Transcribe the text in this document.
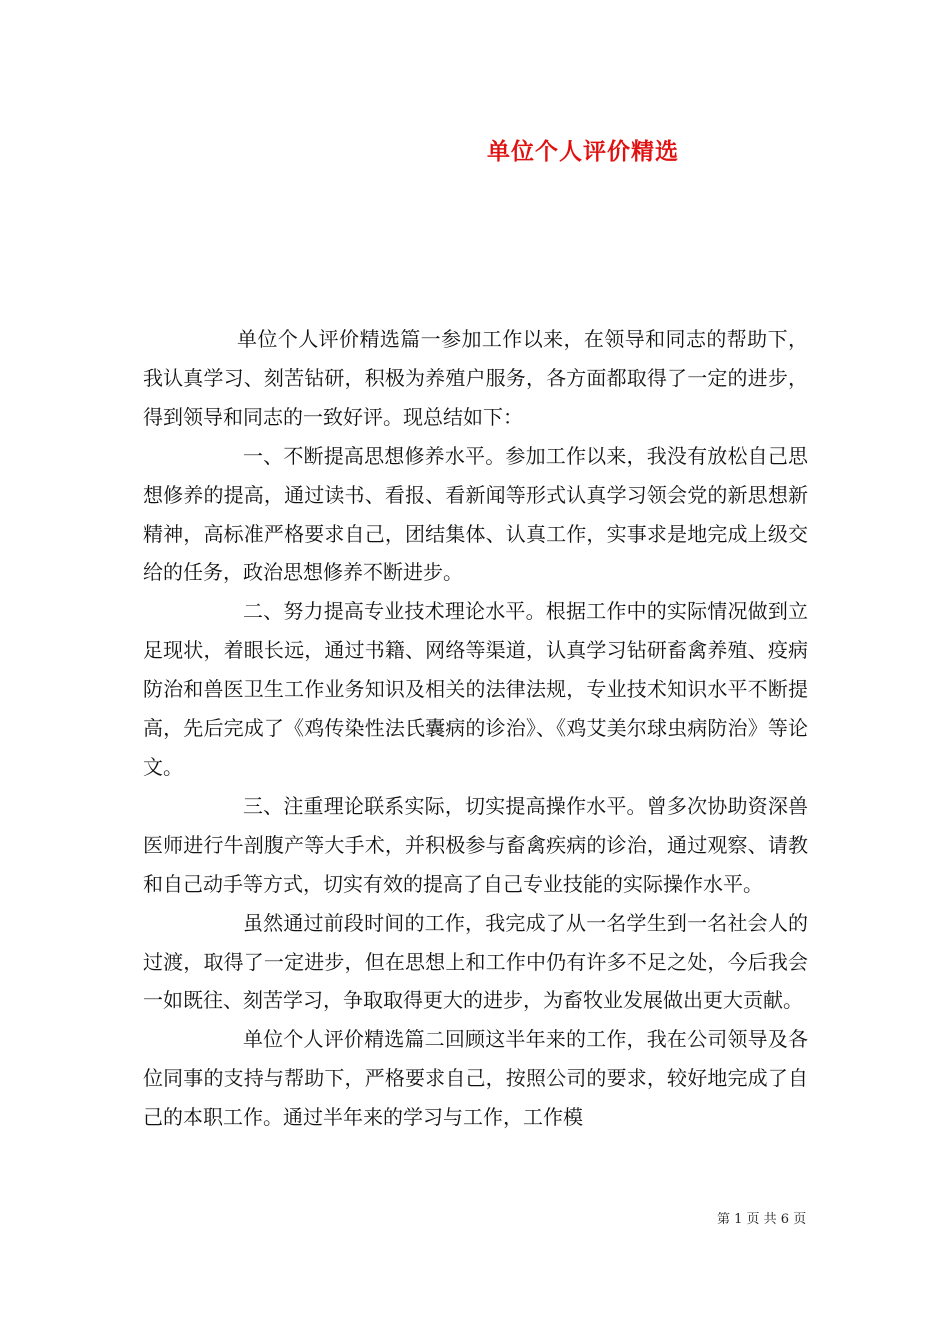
单位个人评价精选

单位个人评价精选篇一参加工作以来，在领导和同志的帮助下，我认真学习、刻苦钻研，积极为养殖户服务，各方面都取得了一定的进步，得到领导和同志的一致好评。现总结如下：

一、不断提高思想修养水平。参加工作以来，我没有放松自己思想修养的提高，通过读书、看报、看新闻等形式认真学习领会党的新思想新精神，高标准严格要求自己，团结集体、认真工作，实事求是地完成上级交给的任务，政治思想修养不断进步。

二、努力提高专业技术理论水平。根据工作中的实际情况做到立足现状，着眼长远，通过书籍、网络等渠道，认真学习钻研畜禽养殖、疫病防治和兽医卫生工作业务知识及相关的法律法规，专业技术知识水平不断提高，先后完成了《鸡传染性法氏囊病的诊治》、《鸡艾美尔球虫病防治》等论文。

三、注重理论联系实际，切实提高操作水平。曾多次协助资深兽医师进行牛剖腹产等大手术，并积极参与畜禽疾病的诊治，通过观察、请教和自己动手等方式，切实有效的提高了自己专业技能的实际操作水平。

虽然通过前段时间的工作，我完成了从一名学生到一名社会人的过渡，取得了一定进步，但在思想上和工作中仍有许多不足之处，今后我会一如既往、刻苦学习，争取取得更大的进步，为畜牧业发展做出更大贡献。

单位个人评价精选篇二回顾这半年来的工作，我在公司领导及各位同事的支持与帮助下，严格要求自己，按照公司的要求，较好地完成了自己的本职工作。通过半年来的学习与工作，工作模

第 1 页 共 6 页
